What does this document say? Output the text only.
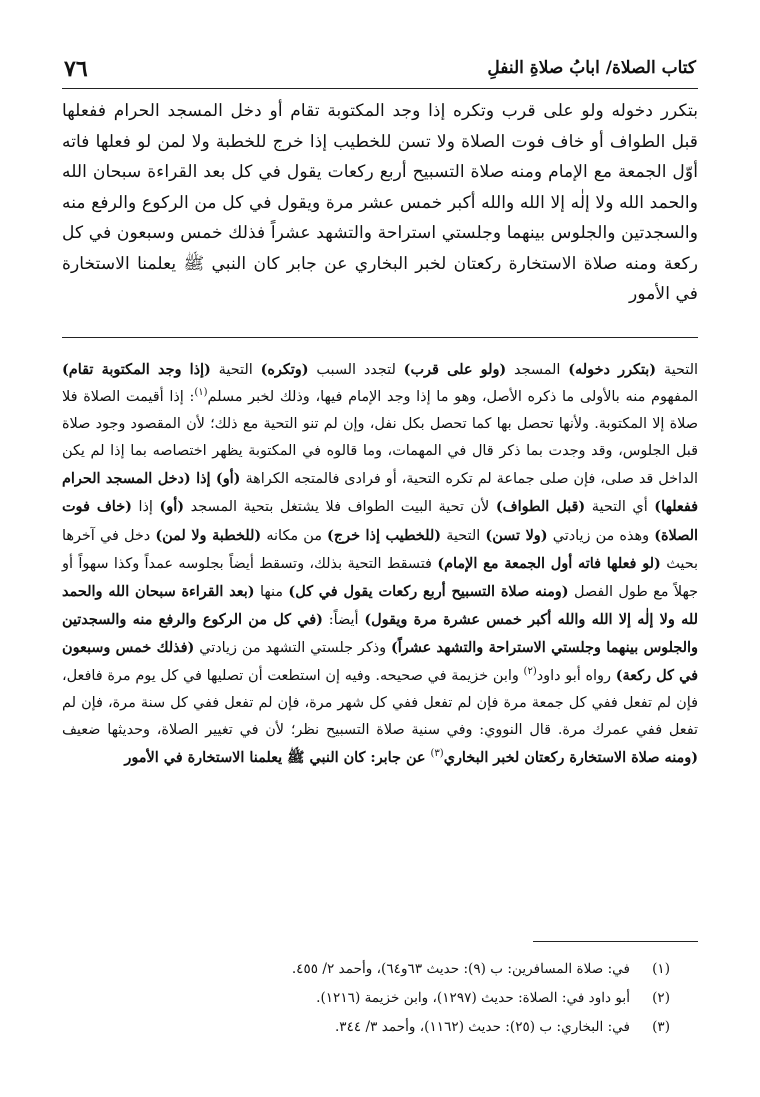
٧٦	كتاب الصلاة/ ابابُ صلاةِ النفلِ
بتكرر دخوله ولو على قرب وتكره إذا وجد المكتوبة تقام أو دخل المسجد الحرام ففعلها قبل الطواف أو خاف فوت الصلاة ولا تسن للخطيب إذا خرج للخطبة ولا لمن لو فعلها فاته أوّل الجمعة مع الإمام ومنه صلاة التسبيح أربع ركعات يقول في كل بعد القراءة سبحان الله والحمد الله ولا إلٰه إلا الله والله أكبر خمس عشر مرة ويقول في كل من الركوع والرفع منه والسجدتين والجلوس بينهما وجلستي استراحة والتشهد عشراً فذلك خمس وسبعون في كل ركعة ومنه صلاة الاستخارة ركعتان لخبر البخاري عن جابر كان النبي ﷺ يعلمنا الاستخارة في الأمور
التحية (بتكرر دخوله) المسجد (ولو على قرب) لتجدد السبب (وتكره) التحية (إذا وجد المكتوبة تقام) المفهوم منه بالأولى ما ذكره الأصل، وهو ما إذا وجد الإمام فيها، وذلك لخبر مسلم$^{(١)}$: إذا أقيمت الصلاة فلا صلاة إلا المكتوبة. ولأنها تحصل بها كما تحصل بكل نفل، وإن لم تنو التحية مع ذلك؛ لأن المقصود وجود صلاة قبل الجلوس، وقد وجدت بما ذكر قال في المهمات، وما قالوه في المكتوبة يظهر اختصاصه بما إذا لم يكن الداخل قد صلى، فإن صلى جماعة لم تكره التحية، أو فرادى فالمتجه الكراهة (أو) إذا (دخل المسجد الحرام ففعلها) أي التحية (قبل الطواف) لأن تحية البيت الطواف فلا يشتغل بتحية المسجد (أو) إذا (خاف فوت الصلاة) وهذه من زيادتي (ولا تسن) التحية (للخطيب إذا خرج) من مكانه (للخطبة ولا لمن) دخل في آخرها بحيث (لو فعلها فاته أول الجمعة مع الإمام) فتسقط التحية بذلك، وتسقط أيضاً بجلوسه عمداً وكذا سهواً أو جهلاً مع طول الفصل (ومنه صلاة التسبيح أربع ركعات يقول في كل) منها (بعد القراءة سبحان الله والحمد لله ولا إلٰه إلا الله والله أكبر خمس عشرة مرة ويقول) أيضاً: (في كل من الركوع والرفع منه والسجدتين والجلوس بينهما وجلستي الاستراحة والتشهد عشراً) وذكر جلستي التشهد من زيادتي (فذلك خمس وسبعون في كل ركعة) رواه أبو داود$^{(٢)}$ وابن خزيمة في صحيحه. وفيه إن استطعت أن تصليها في كل يوم مرة فافعل، فإن لم تفعل ففي كل جمعة مرة فإن لم تفعل ففي كل شهر مرة، فإن لم تفعل ففي كل سنة مرة، فإن لم تفعل ففي عمرك مرة. قال النووي: وفي سنية صلاة التسبيح نظر؛ لأن في تغيير الصلاة، وحديثها ضعيف (ومنه صلاة الاستخارة ركعتان لخبر البخاري$^{(٣)}$ عن جابر: كان النبي ﷺ يعلمنا الاستخارة في الأمور
(١)
في: صلاة المسافرين: ب (٩): حديث ٦٣و٦٤)، وأحمد ٢/ ٤٥٥.
(٢)
أبو داود في: الصلاة: حديث (١٢٩٧)، وابن خزيمة (١٢١٦).
(٣)
في: البخاري: ب (٢٥): حديث (١١٦٢)، وأحمد ٣/ ٣٤٤.
